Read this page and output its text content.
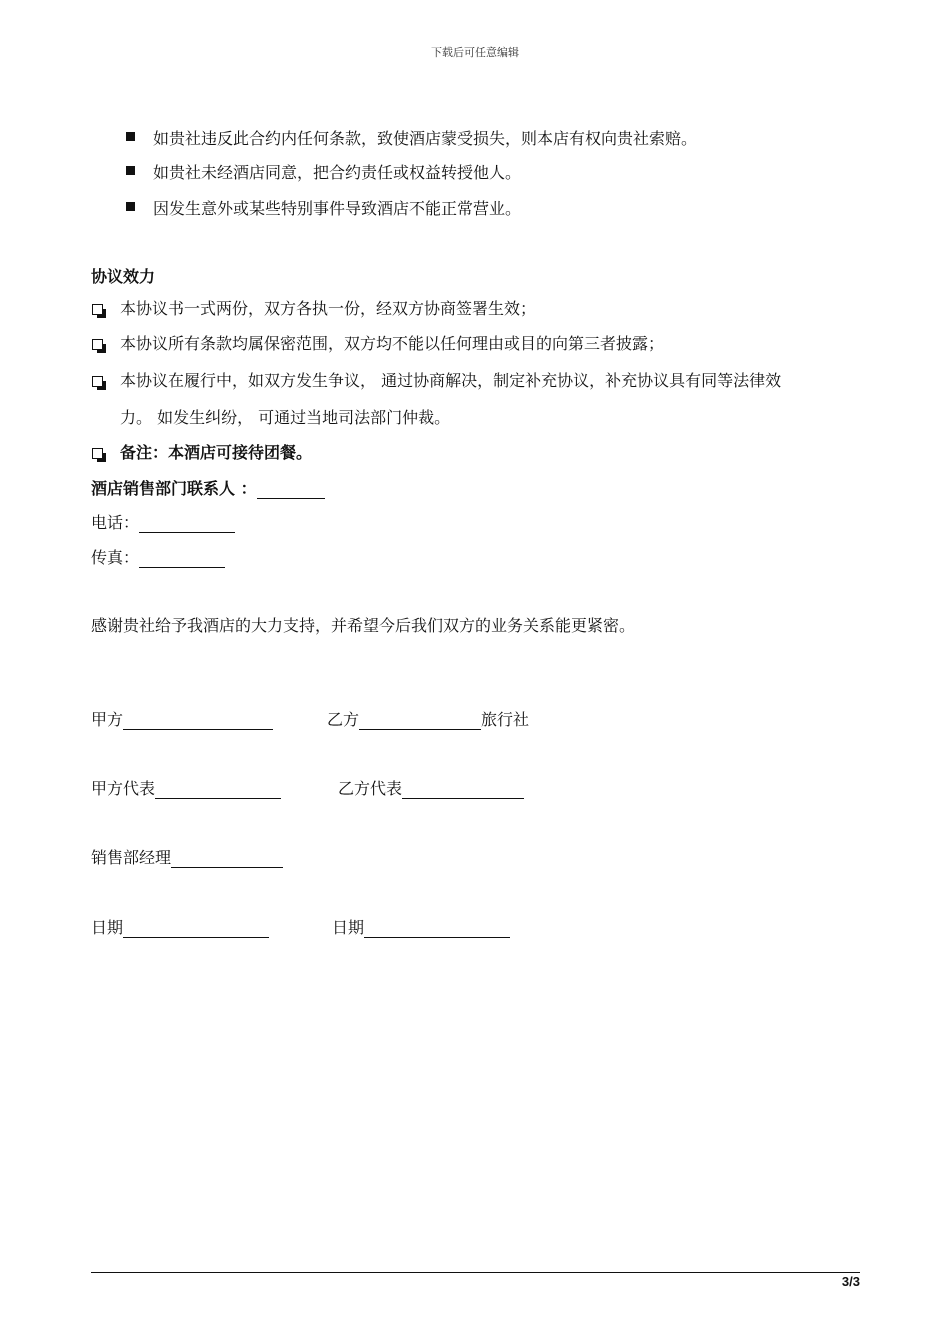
下载后可任意编辑
如贵社违反此合约内任何条款，致使酒店蒙受损失，则本店有权向贵社索赔。
如贵社未经酒店同意，把合约责任或权益转授他人。
因发生意外或某些特别事件导致酒店不能正常营业。
协议效力
本协议书一式两份，双方各执一份，经双方协商签署生效；
本协议所有条款均属保密范围，双方均不能以任何理由或目的向第三者披露；
本协议在履行中，如双方发生争议， 通过协商解决，制定补充协议，补充协议具有同等法律效
力。 如发生纠纷， 可通过当地司法部门仲裁。
备注：本酒店可接待团餐。
酒店销售部门联系人 ：
电话：
传真：
感谢贵社给予我酒店的大力支持，并希望今后我们双方的业务关系能更紧密。
甲方	乙方	旅行社
甲方代表	乙方代表
销售部经理
日期	日期
3/3
